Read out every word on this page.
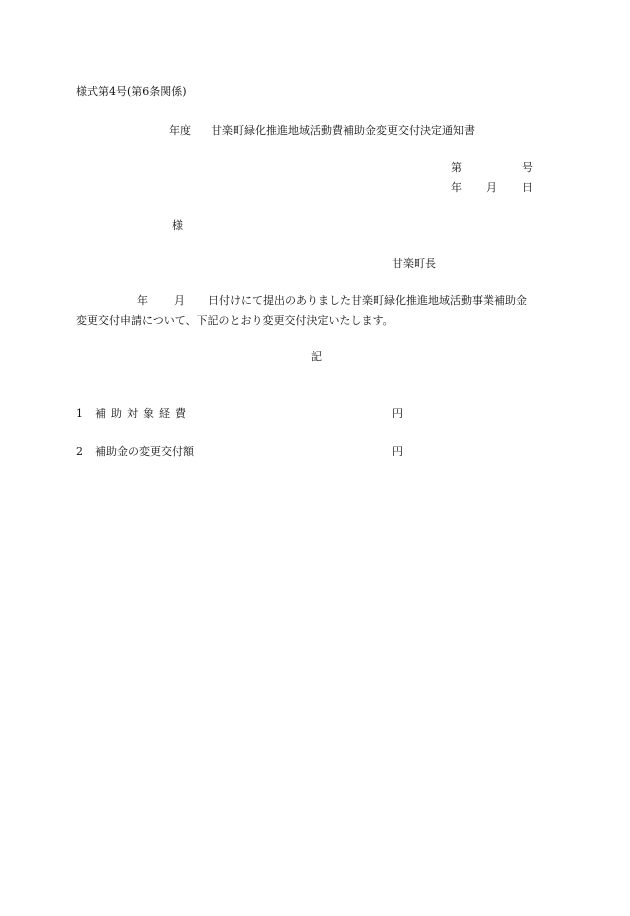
様式第4号(第6条関係)
年度 甘楽町緑化推進地域活動費補助金変更交付決定通知書
第	号
年 月 日
様
甘楽町長
年 月 日付けにて提出のありました甘楽町緑化推進地域活動事業補助金
変更交付申請について、下記のとおり変更交付決定いたします。
記
1 補助対象経費	円
2 補助金の変更交付額	円
